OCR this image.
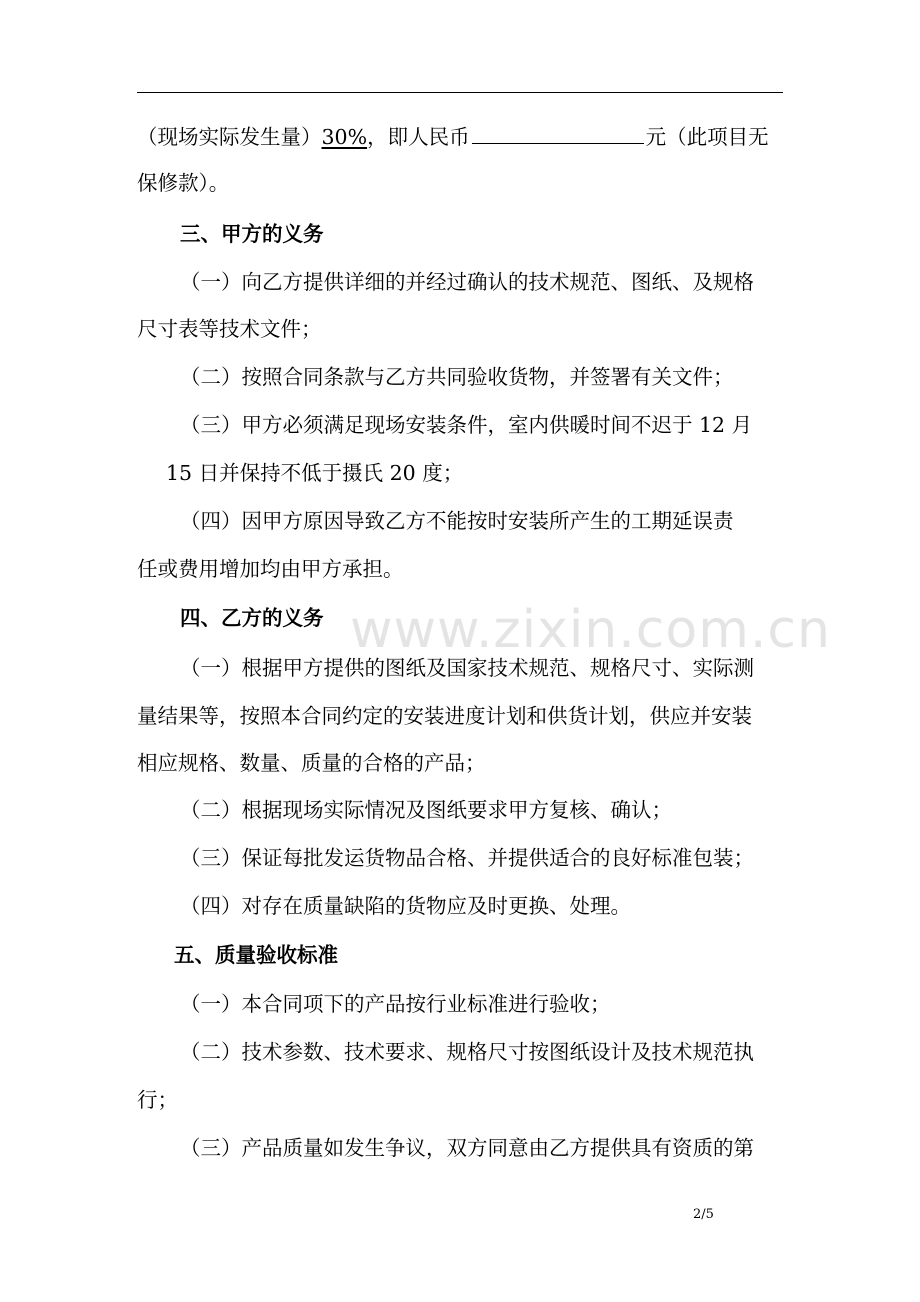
www.zixin.com.cn
（现场实际发生量）30%，即人民币	元（此项目无
保修款）。
三、甲方的义务
（一）向乙方提供详细的并经过确认的技术规范、图纸、及规格
尺寸表等技术文件；
（二）按照合同条款与乙方共同验收货物，并签署有关文件；
（三）甲方必须满足现场安装条件，室内供暖时间不迟于 12 月
15 日并保持不低于摄氏 20 度；
（四）因甲方原因导致乙方不能按时安装所产生的工期延误责
任或费用增加均由甲方承担。
四、乙方的义务
（一）根据甲方提供的图纸及国家技术规范、规格尺寸、实际测
量结果等，按照本合同约定的安装进度计划和供货计划，供应并安装
相应规格、数量、质量的合格的产品；
（二）根据现场实际情况及图纸要求甲方复核、确认；
（三）保证每批发运货物品合格、并提供适合的良好标准包装；
（四）对存在质量缺陷的货物应及时更换、处理。
五、质量验收标准
（一）本合同项下的产品按行业标准进行验收；
（二）技术参数、技术要求、规格尺寸按图纸设计及技术规范执
行；
（三）产品质量如发生争议，双方同意由乙方提供具有资质的第
2/5
